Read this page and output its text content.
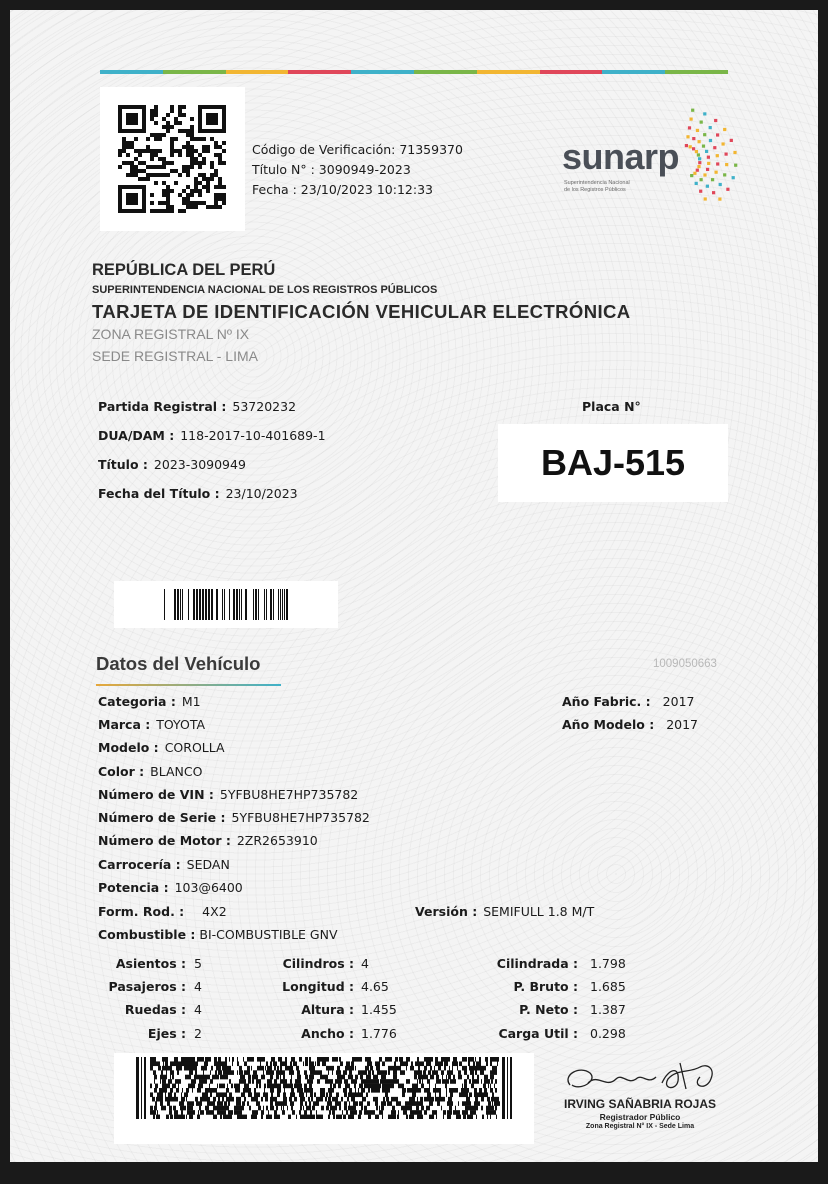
Código de Verificación: 71359370
Título N° : 3090949-2023
Fecha : 23/10/2023 10:12:33
sunarp
Superintendencia Nacional
de los Registros Públicos
REPÚBLICA DEL PERÚ
SUPERINTENDENCIA NACIONAL DE LOS REGISTROS PÚBLICOS
TARJETA DE IDENTIFICACIÓN VEHICULAR ELECTRÓNICA
ZONA REGISTRAL Nº IX
SEDE REGISTRAL - LIMA
Partida Registral : 53720232
DUA/DAM : 118-2017-10-401689-1
Título : 2023-3090949
Fecha del Título : 23/10/2023
Placa N°
BAJ-515
Datos del Vehículo	1009050663
Categoria : M1
Marca : TOYOTA
Modelo : COROLLA
Color : BLANCO
Número de VIN : 5YFBU8HE7HP735782
Número de Serie : 5YFBU8HE7HP735782
Número de Motor : 2ZR2653910
Carrocería : SEDAN
Potencia : 103@6400
Form. Rod. : 4X2	Versión : SEMIFULL 1.8 M/T
Combustible : BI-COMBUSTIBLE GNV
Año Fabric. : 2017
Año Modelo : 2017
Asientos : 5
Pasajeros : 4
Ruedas : 4
Ejes : 2
Cilindros : 4
Longitud : 4.65
Altura : 1.455
Ancho : 1.776
Cilindrada : 1.798
P. Bruto : 1.685
P. Neto : 1.387
Carga Util : 0.298
IRVING SAÑABRIA ROJAS
Registrador Público
Zona Registral N° IX - Sede Lima
